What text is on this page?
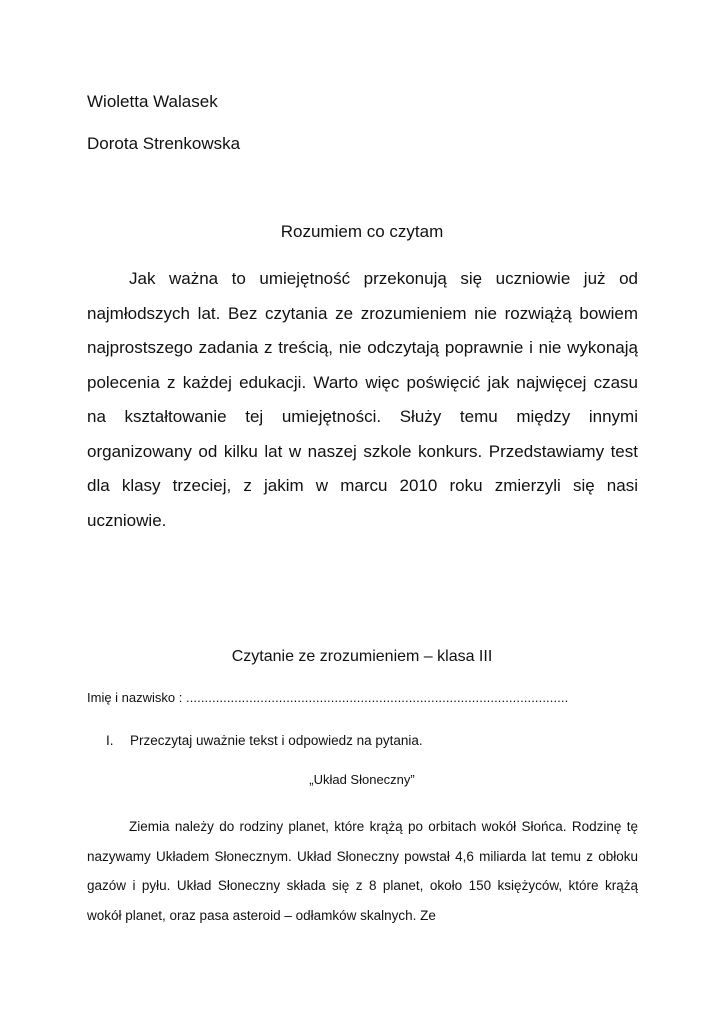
Wioletta Walasek
Dorota Strenkowska
Rozumiem co czytam

Jak ważna to umiejętność przekonują się uczniowie już od najmłodszych lat. Bez czytania ze zrozumieniem nie rozwiążą bowiem najprostszego zadania z treścią, nie odczytają poprawnie i nie wykonają polecenia z każdej edukacji. Warto więc poświęcić jak najwięcej czasu na kształtowanie tej umiejętności. Służy temu między innymi organizowany od kilku lat w naszej szkole konkurs. Przedstawiamy test dla klasy trzeciej, z jakim w marcu 2010 roku zmierzyli się nasi uczniowie.

Czytanie ze zrozumieniem – klasa III
Imię i nazwisko : .......................................................................................................
I. Przeczytaj uważnie tekst i odpowiedz na pytania.
„Układ Słoneczny”

Ziemia należy do rodziny planet, które krążą po orbitach wokół Słońca. Rodzinę tę nazywamy Układem Słonecznym. Układ Słoneczny powstał 4,6 miliarda lat temu z obłoku gazów i pyłu. Układ Słoneczny składa się z 8 planet, około 150 księżyców, które krążą wokół planet, oraz pasa asteroid – odłamków skalnych. Ze
